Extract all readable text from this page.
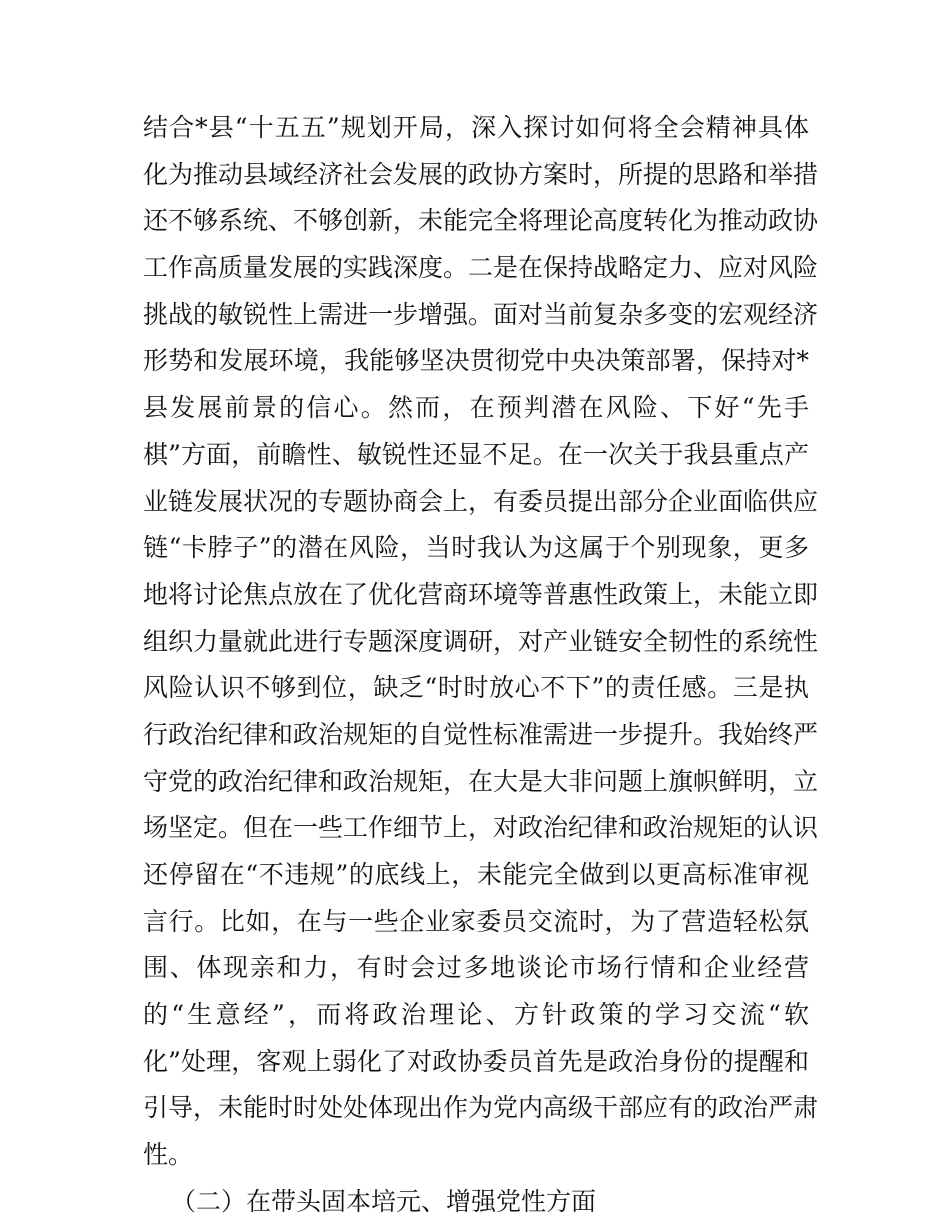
结合*县“十五五”规划开局，深入探讨如何将全会精神具体
化为推动县域经济社会发展的政协方案时，所提的思路和举措
还不够系统、不够创新，未能完全将理论高度转化为推动政协
工作高质量发展的实践深度。二是在保持战略定力、应对风险
挑战的敏锐性上需进一步增强。面对当前复杂多变的宏观经济
形势和发展环境，我能够坚决贯彻党中央决策部署，保持对*
县发展前景的信心。然而，在预判潜在风险、下好“先手
棋”方面，前瞻性、敏锐性还显不足。在一次关于我县重点产
业链发展状况的专题协商会上，有委员提出部分企业面临供应
链“卡脖子”的潜在风险，当时我认为这属于个别现象，更多
地将讨论焦点放在了优化营商环境等普惠性政策上，未能立即
组织力量就此进行专题深度调研，对产业链安全韧性的系统性
风险认识不够到位，缺乏“时时放心不下”的责任感。三是执
行政治纪律和政治规矩的自觉性标准需进一步提升。我始终严
守党的政治纪律和政治规矩，在大是大非问题上旗帜鲜明，立
场坚定。但在一些工作细节上，对政治纪律和政治规矩的认识
还停留在“不违规”的底线上，未能完全做到以更高标准审视
言行。比如，在与一些企业家委员交流时，为了营造轻松氛
围、体现亲和力，有时会过多地谈论市场行情和企业经营
的“生意经”，而将政治理论、方针政策的学习交流“软
化”处理，客观上弱化了对政协委员首先是政治身份的提醒和
引导，未能时时处处体现出作为党内高级干部应有的政治严肃
性。
（二）在带头固本培元、增强党性方面
